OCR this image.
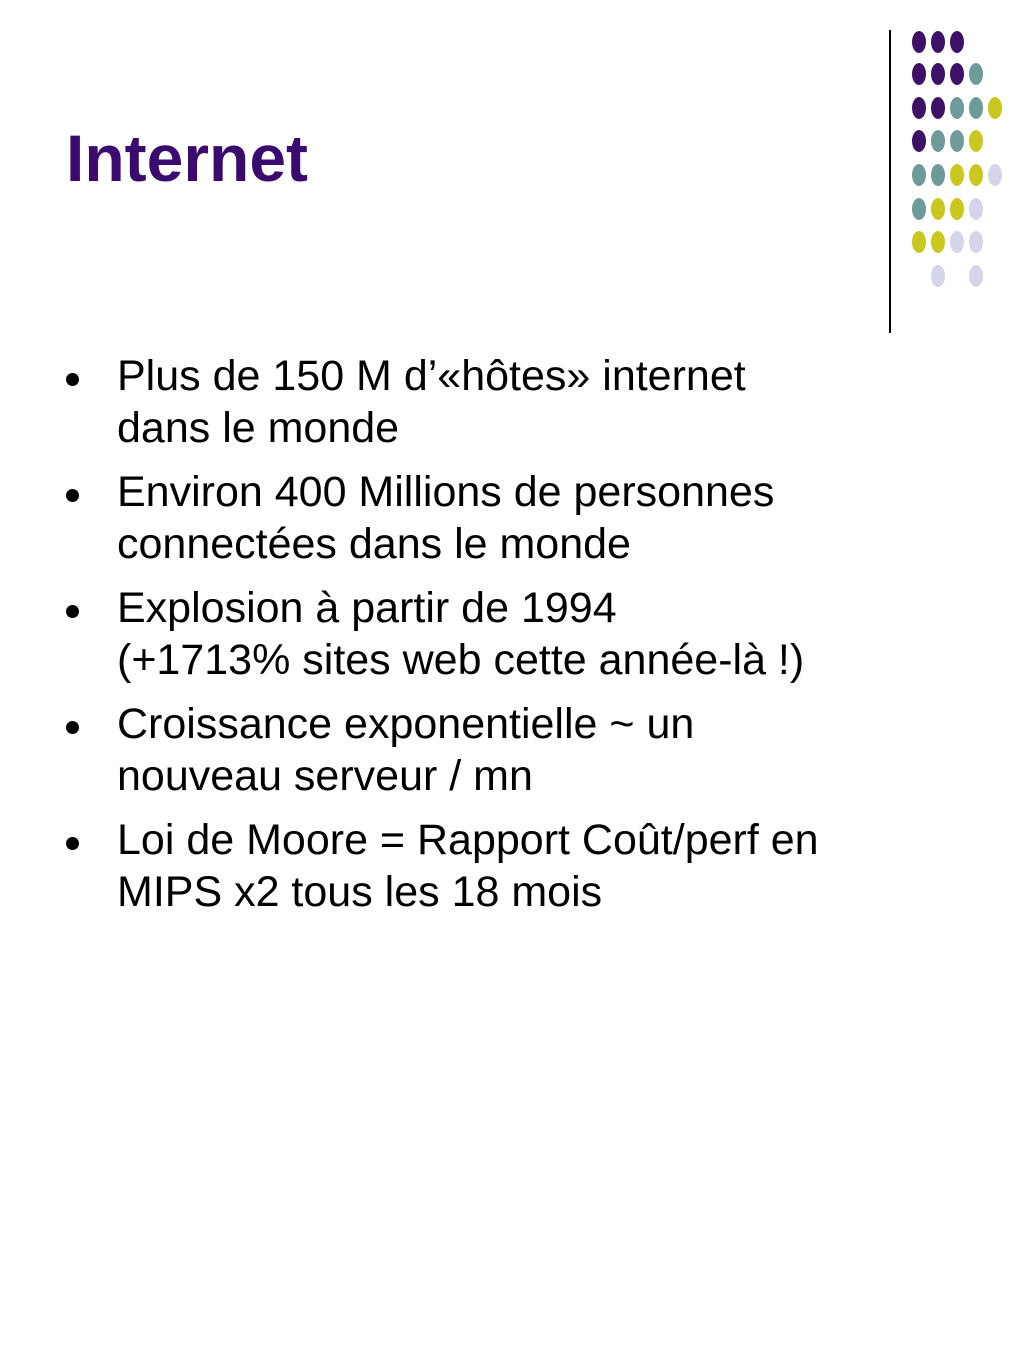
Internet
Plus de 150 M d’«hôtes» internet
dans le monde
Environ 400 Millions de personnes
connectées dans le monde
Explosion à partir de 1994
(+1713% sites web cette année-là !)
Croissance exponentielle ~ un
nouveau serveur / mn
Loi de Moore = Rapport Coût/perf en
MIPS x2 tous les 18 mois
